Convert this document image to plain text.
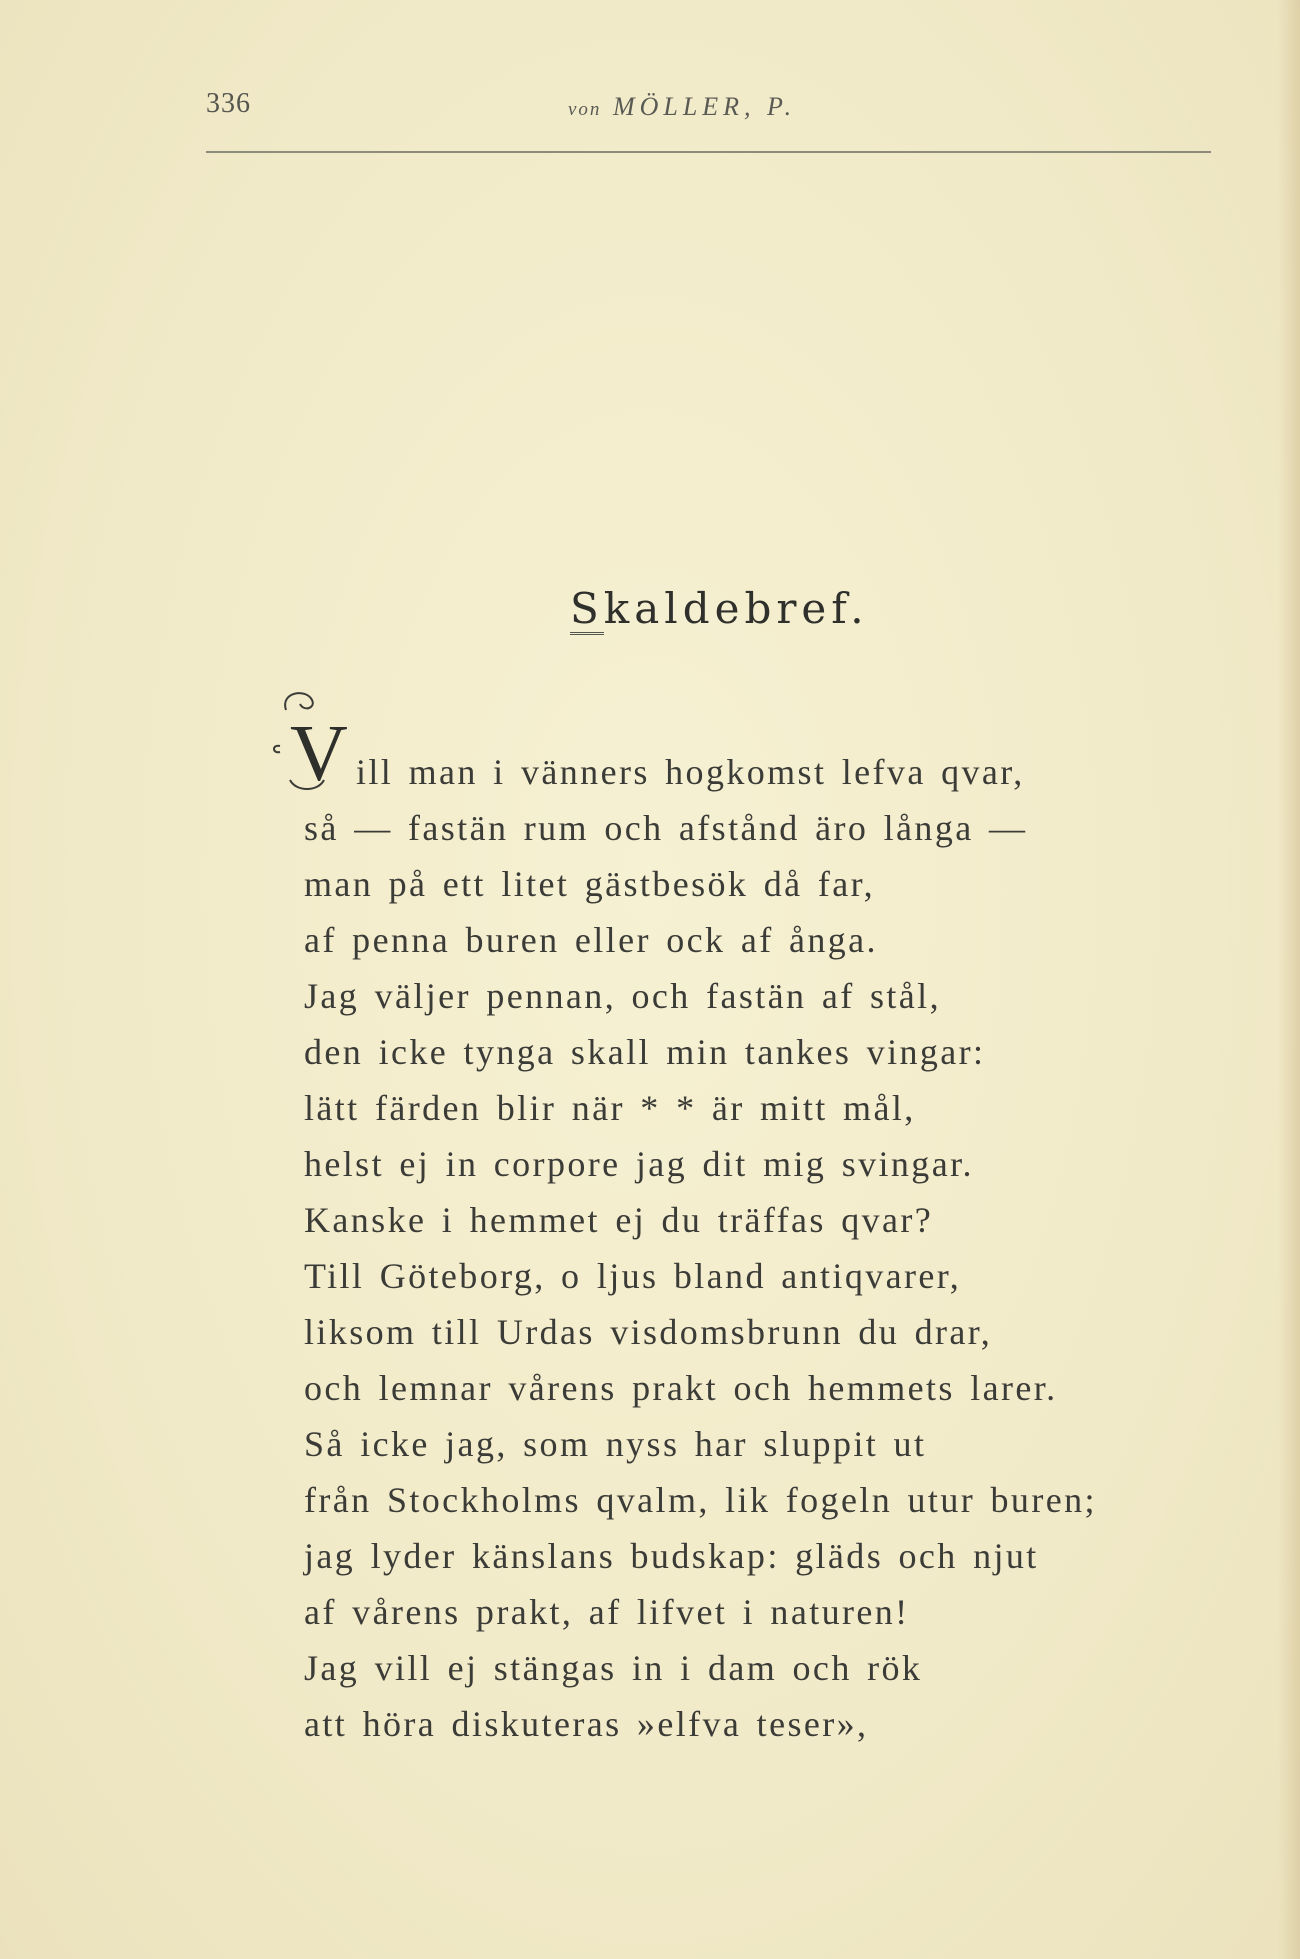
336	von MÖLLER, P.
Skaldebref.
V ill man i vänners hogkomst lefva qvar,
så — fastän rum och afstånd äro långa —
man på ett litet gästbesök då far,
af penna buren eller ock af ånga.
Jag väljer pennan, och fastän af stål,
den icke tynga skall min tankes vingar:
lätt färden blir när * * är mitt mål,
helst ej in corpore jag dit mig svingar.
Kanske i hemmet ej du träffas qvar?
Till Göteborg, o ljus bland antiqvarer,
liksom till Urdas visdomsbrunn du drar,
och lemnar vårens prakt och hemmets larer.
Så icke jag, som nyss har sluppit ut
från Stockholms qvalm, lik fogeln utur buren;
jag lyder känslans budskap: gläds och njut
af vårens prakt, af lifvet i naturen!
Jag vill ej stängas in i dam och rök
att höra diskuteras »elfva teser»,
